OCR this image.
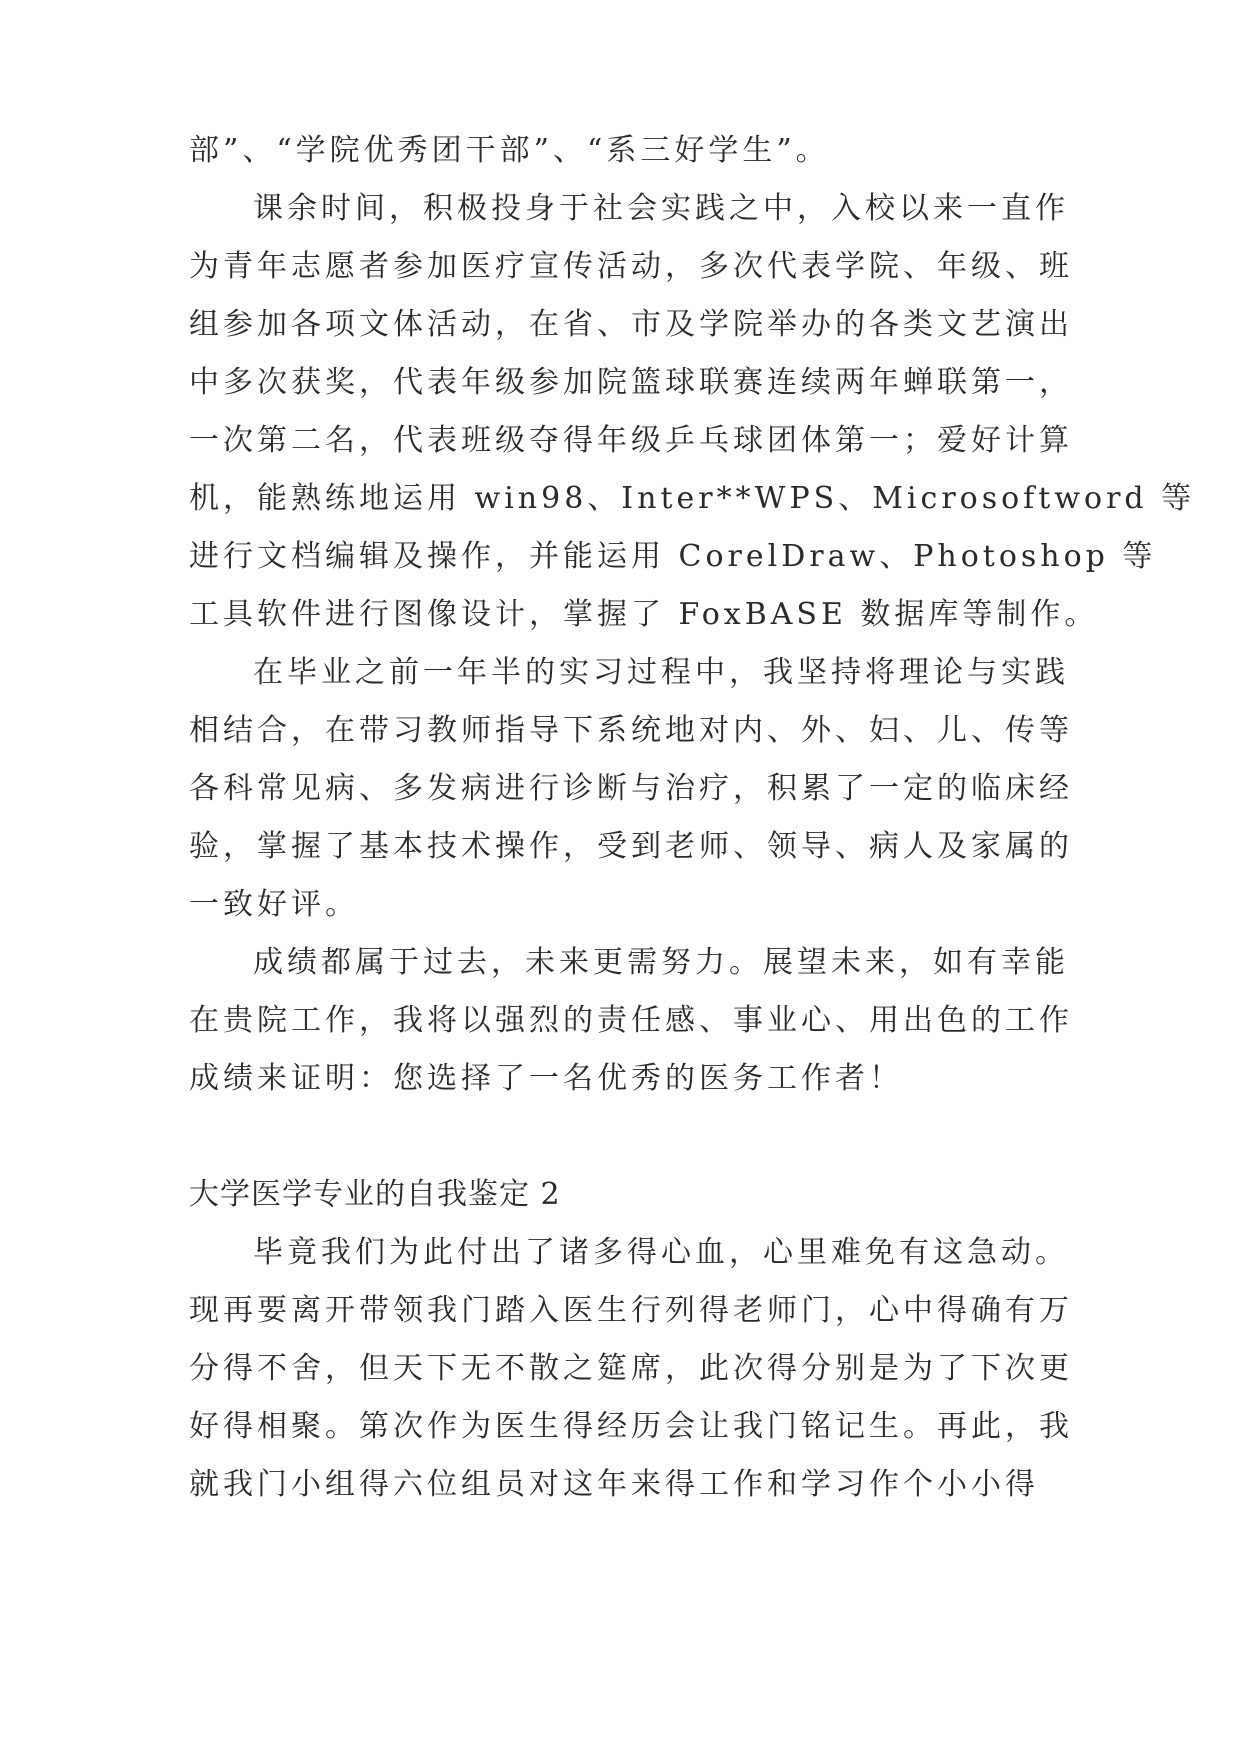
部”、“学院优秀团干部”、“系三好学生”。
课余时间，积极投身于社会实践之中，入校以来一直作
为青年志愿者参加医疗宣传活动，多次代表学院、年级、班
组参加各项文体活动，在省、市及学院举办的各类文艺演出
中多次获奖，代表年级参加院篮球联赛连续两年蝉联第一，
一次第二名，代表班级夺得年级乒乓球团体第一；爱好计算
机，能熟练地运用 win98、Inter**WPS、Microsoftword 等
进行文档编辑及操作，并能运用 CorelDraw、Photoshop 等
工具软件进行图像设计，掌握了 FoxBASE 数据库等制作。
在毕业之前一年半的实习过程中，我坚持将理论与实践
相结合，在带习教师指导下系统地对内、外、妇、儿、传等
各科常见病、多发病进行诊断与治疗，积累了一定的临床经
验，掌握了基本技术操作，受到老师、领导、病人及家属的
一致好评。
成绩都属于过去，未来更需努力。展望未来，如有幸能
在贵院工作，我将以强烈的责任感、事业心、用出色的工作
成绩来证明：您选择了一名优秀的医务工作者！
大学医学专业的自我鉴定 2
毕竟我们为此付出了诸多得心血，心里难免有这急动。
现再要离开带领我门踏入医生行列得老师门，心中得确有万
分得不舍，但天下无不散之筵席，此次得分别是为了下次更
好得相聚。第次作为医生得经历会让我门铭记生。再此，我
就我门小组得六位组员对这年来得工作和学习作个小小得
